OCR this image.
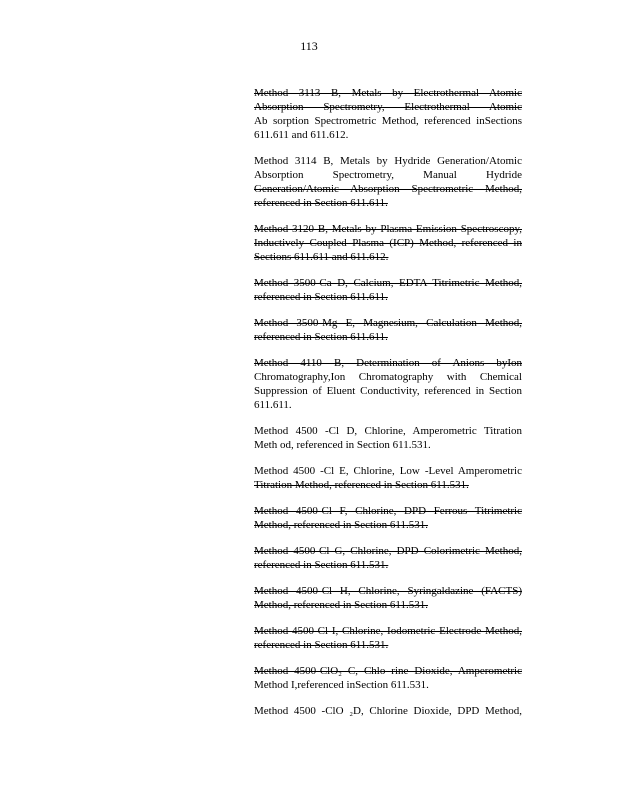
113
Method 3113 B, Metals by Electrothermal Atomic
Absorption Spectrometry, Electrothermal Atomic
Ab sorption Spectrometric Method, referenced inSections
611.611 and 611.612.
Method 3114 B, Metals by Hydride Generation/Atomic
Absorption Spectrometry, Manual Hydride
Generation/Atomic Absorption Spectrometric Method,
referenced in Section 611.611.
Method 3120 B, Metals by Plasma Emission Spectroscopy,
Inductively Coupled Plasma (ICP) Method, referenced in
Sections 611.611 and 611.612.
Method 3500-Ca D, Calcium, EDTA Titrimetric Method,
referenced in Section 611.611.
Method 3500-Mg E, Magnesium, Calculation Method,
referenced in Section 611.611.
Method 4110 B, Determination of Anions byIon
Chromatography,Ion Chromatography with Chemical
Suppression of Eluent Conductivity, referenced in Section
611.611.
Method 4500 -Cl D, Chlorine, Amperometric Titration
Meth od, referenced in Section 611.531.
Method 4500 -Cl E, Chlorine, Low -Level Amperometric
Titration Method, referenced in Section 611.531.
Method 4500-Cl F, Chlorine, DPD Ferrous Titrimetric
Method, referenced in Section 611.531.
Method 4500-Cl G, Chlorine, DPD Colorimetric Method,
referenced in Section 611.531.
Method 4500-Cl H, Chlorine, Syringaldazine (FACTS)
Method, referenced in Section 611.531.
Method 4500-Cl I, Chlorine, Iodometric Electrode Method,
referenced in Section 611.531.
Method 4500-ClO₂ C, Chlo rine Dioxide, Amperometric
Method I,referenced inSection 611.531.
Method 4500 -ClO ₂D, Chlorine Dioxide, DPD Method,
